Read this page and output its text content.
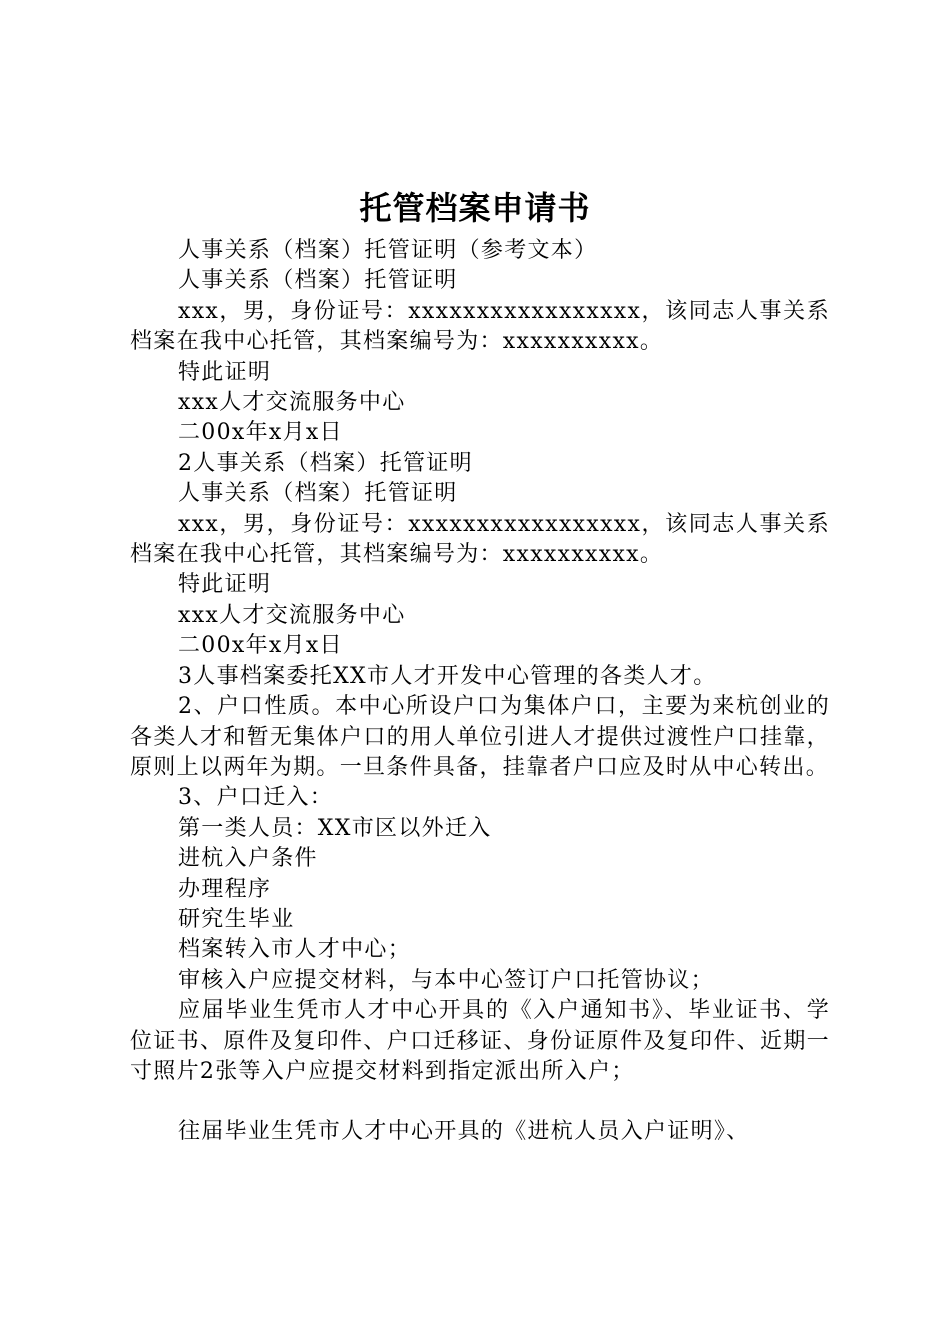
托管档案申请书

人事关系（档案）托管证明（参考文本）

人事关系（档案）托管证明

xxx，男，身份证号：xxxxxxxxxxxxxxxxx，该同志人事关系档案在我中心托管，其档案编号为：xxxxxxxxxx。

特此证明

xxx人才交流服务中心

二00x年x月x日

2人事关系（档案）托管证明

人事关系（档案）托管证明

xxx，男，身份证号：xxxxxxxxxxxxxxxxx，该同志人事关系档案在我中心托管，其档案编号为：xxxxxxxxxx。

特此证明

xxx人才交流服务中心

二00x年x月x日

3人事档案委托XX市人才开发中心管理的各类人才。

2、户口性质。本中心所设户口为集体户口，主要为来杭创业的各类人才和暂无集体户口的用人单位引进人才提供过渡性户口挂靠，原则上以两年为期。一旦条件具备，挂靠者户口应及时从中心转出。

3、户口迁入：

第一类人员：XX市区以外迁入

进杭入户条件

办理程序

研究生毕业

档案转入市人才中心；

审核入户应提交材料，与本中心签订户口托管协议；

应届毕业生凭市人才中心开具的《入户通知书》、毕业证书、学位证书、原件及复印件、户口迁移证、身份证原件及复印件、近期一寸照片2张等入户应提交材料到指定派出所入户；

往届毕业生凭市人才中心开具的《进杭人员入户证明》、
